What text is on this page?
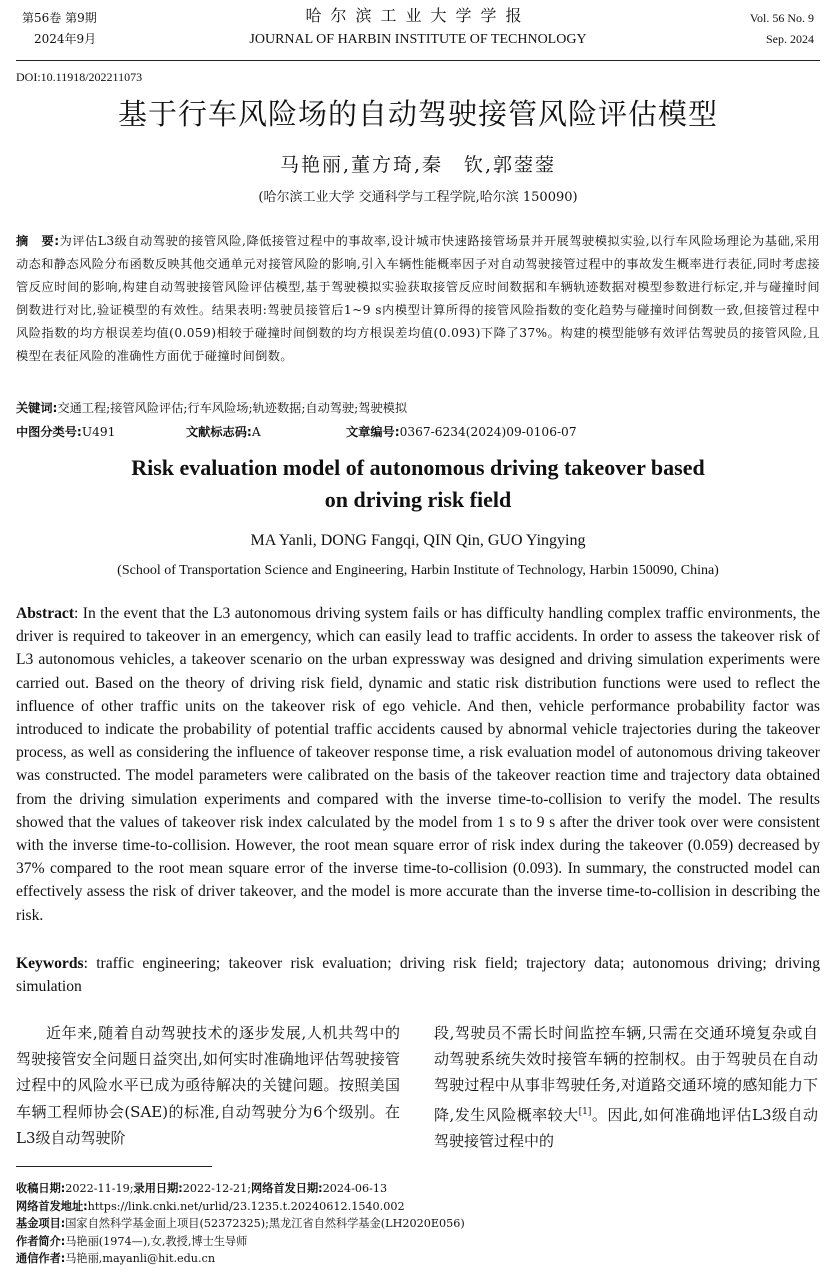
第56卷 第9期
2024年9月
哈尔滨工业大学学报
JOURNAL OF HARBIN INSTITUTE OF TECHNOLOGY
Vol. 56 No. 9
Sep. 2024
DOI:10.11918/202211073
基于行车风险场的自动驾驶接管风险评估模型
马艳丽,董方琦,秦　钦,郭蓥蓥
(哈尔滨工业大学 交通科学与工程学院,哈尔滨 150090)
摘　要:为评估L3级自动驾驶的接管风险,降低接管过程中的事故率,设计城市快速路接管场景并开展驾驶模拟实验,以行车风险场理论为基础,采用动态和静态风险分布函数反映其他交通单元对接管风险的影响,引入车辆性能概率因子对自动驾驶接管过程中的事故发生概率进行表征,同时考虑接管反应时间的影响,构建自动驾驶接管风险评估模型,基于驾驶模拟实验获取接管反应时间数据和车辆轨迹数据对模型参数进行标定,并与碰撞时间倒数进行对比,验证模型的有效性。结果表明:驾驶员接管后1~9 s内模型计算所得的接管风险指数的变化趋势与碰撞时间倒数一致,但接管过程中风险指数的均方根误差均值(0.059)相较于碰撞时间倒数的均方根误差均值(0.093)下降了37%。构建的模型能够有效评估驾驶员的接管风险,且模型在表征风险的准确性方面优于碰撞时间倒数。
关键词:交通工程;接管风险评估;行车风险场;轨迹数据;自动驾驶;驾驶模拟
中图分类号:U491	文献标志码:A	文章编号:0367-6234(2024)09-0106-07
Risk evaluation model of autonomous driving takeover based
on driving risk field
MA Yanli, DONG Fangqi, QIN Qin, GUO Yingying
(School of Transportation Science and Engineering, Harbin Institute of Technology, Harbin 150090, China)
Abstract: In the event that the L3 autonomous driving system fails or has difficulty handling complex traffic environments, the driver is required to takeover in an emergency, which can easily lead to traffic accidents. In order to assess the takeover risk of L3 autonomous vehicles, a takeover scenario on the urban expressway was designed and driving simulation experiments were carried out. Based on the theory of driving risk field, dynamic and static risk distribution functions were used to reflect the influence of other traffic units on the takeover risk of ego vehicle. And then, vehicle performance probability factor was introduced to indicate the probability of potential traffic accidents caused by abnormal vehicle trajectories during the takeover process, as well as considering the influence of takeover response time, a risk evaluation model of autonomous driving takeover was constructed. The model parameters were calibrated on the basis of the takeover reaction time and trajectory data obtained from the driving simulation experiments and compared with the inverse time-to-collision to verify the model. The results showed that the values of takeover risk index calculated by the model from 1 s to 9 s after the driver took over were consistent with the inverse time-to-collision. However, the root mean square error of risk index during the takeover (0.059) decreased by 37% compared to the root mean square error of the inverse time-to-collision (0.093). In summary, the constructed model can effectively assess the risk of driver takeover, and the model is more accurate than the inverse time-to-collision in describing the risk.
Keywords: traffic engineering; takeover risk evaluation; driving risk field; trajectory data; autonomous driving; driving simulation
近年来,随着自动驾驶技术的逐步发展,人机共驾中的驾驶接管安全问题日益突出,如何实时准确地评估驾驶接管过程中的风险水平已成为亟待解决的关键问题。按照美国车辆工程师协会(SAE)的标准,自动驾驶分为6个级别。在L3级自动驾驶阶
段,驾驶员不需长时间监控车辆,只需在交通环境复杂或自动驾驶系统失效时接管车辆的控制权。由于驾驶员在自动驾驶过程中从事非驾驶任务,对道路交通环境的感知能力下降,发生风险概率较大[1]。因此,如何准确地评估L3级自动驾驶接管过程中的
收稿日期:2022-11-19;录用日期:2022-12-21;网络首发日期:2024-06-13
网络首发地址:https://link.cnki.net/urlid/23.1235.t.20240612.1540.002
基金项目:国家自然科学基金面上项目(52372325);黑龙江省自然科学基金(LH2020E056)
作者简介:马艳丽(1974—),女,教授,博士生导师
通信作者:马艳丽,mayanli@hit.edu.cn
